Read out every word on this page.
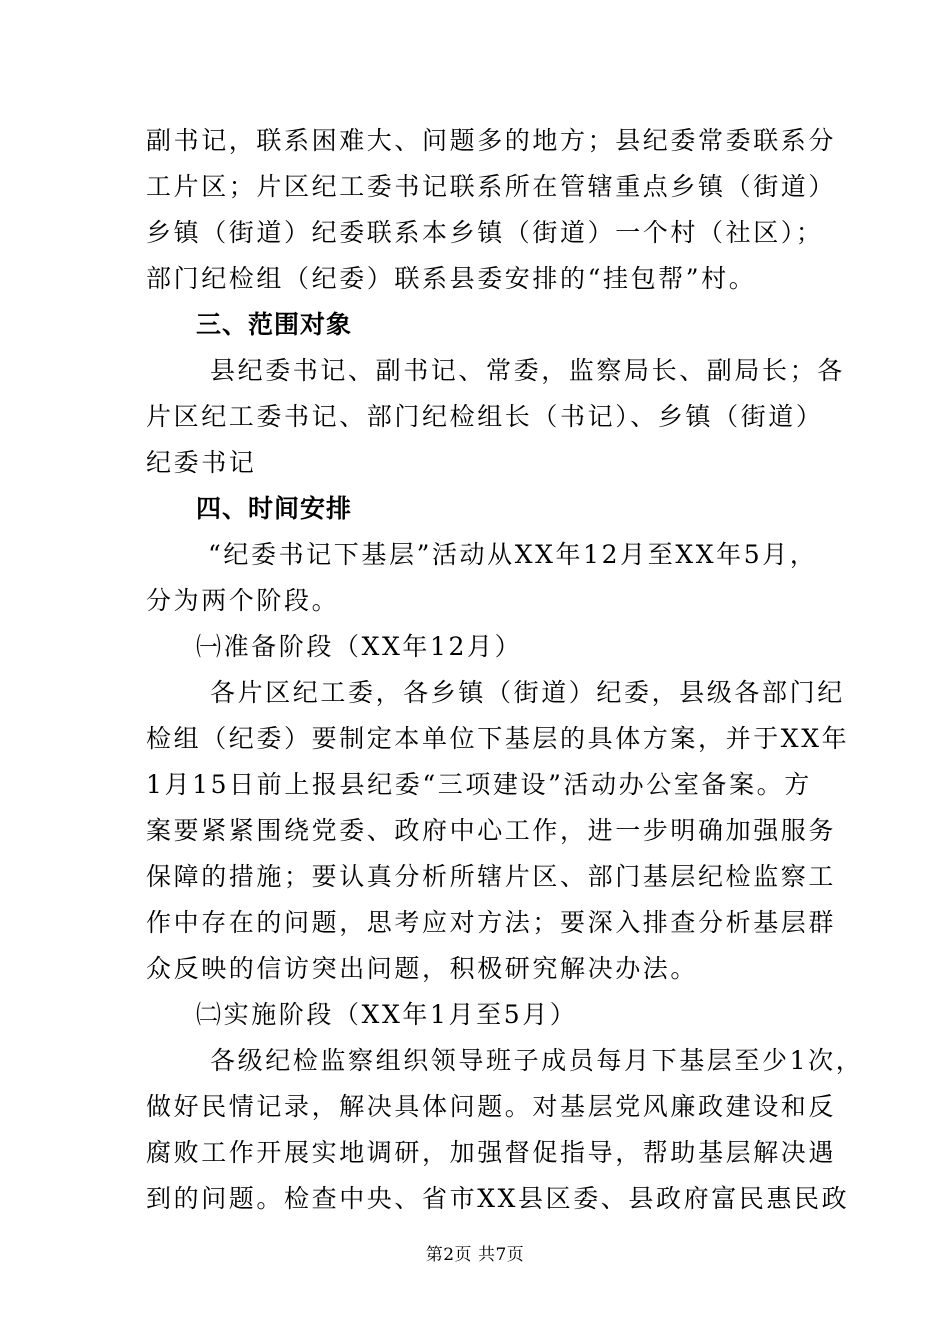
副书记，联系困难大、问题多的地方；县纪委常委联系分
工片区；片区纪工委书记联系所在管辖重点乡镇（街道）
乡镇（街道）纪委联系本乡镇（街道）一个村（社区）；
部门纪检组（纪委）联系县委安排的“挂包帮”村。
三、范围对象
县纪委书记、副书记、常委，监察局长、副局长；各
片区纪工委书记、部门纪检组长（书记）、乡镇（街道）
纪委书记
四、时间安排
“纪委书记下基层”活动从XX年12月至XX年5月，
分为两个阶段。
㈠准备阶段（XX年12月）
各片区纪工委，各乡镇（街道）纪委，县级各部门纪
检组（纪委）要制定本单位下基层的具体方案，并于XX年
1月15日前上报县纪委“三项建设”活动办公室备案。方
案要紧紧围绕党委、政府中心工作，进一步明确加强服务
保障的措施；要认真分析所辖片区、部门基层纪检监察工
作中存在的问题，思考应对方法；要深入排查分析基层群
众反映的信访突出问题，积极研究解决办法。
㈡实施阶段（XX年1月至5月）
各级纪检监察组织领导班子成员每月下基层至少1次，
做好民情记录，解决具体问题。对基层党风廉政建设和反
腐败工作开展实地调研，加强督促指导，帮助基层解决遇
到的问题。检查中央、省市XX县区委、县政府富民惠民政
第2页 共7页
